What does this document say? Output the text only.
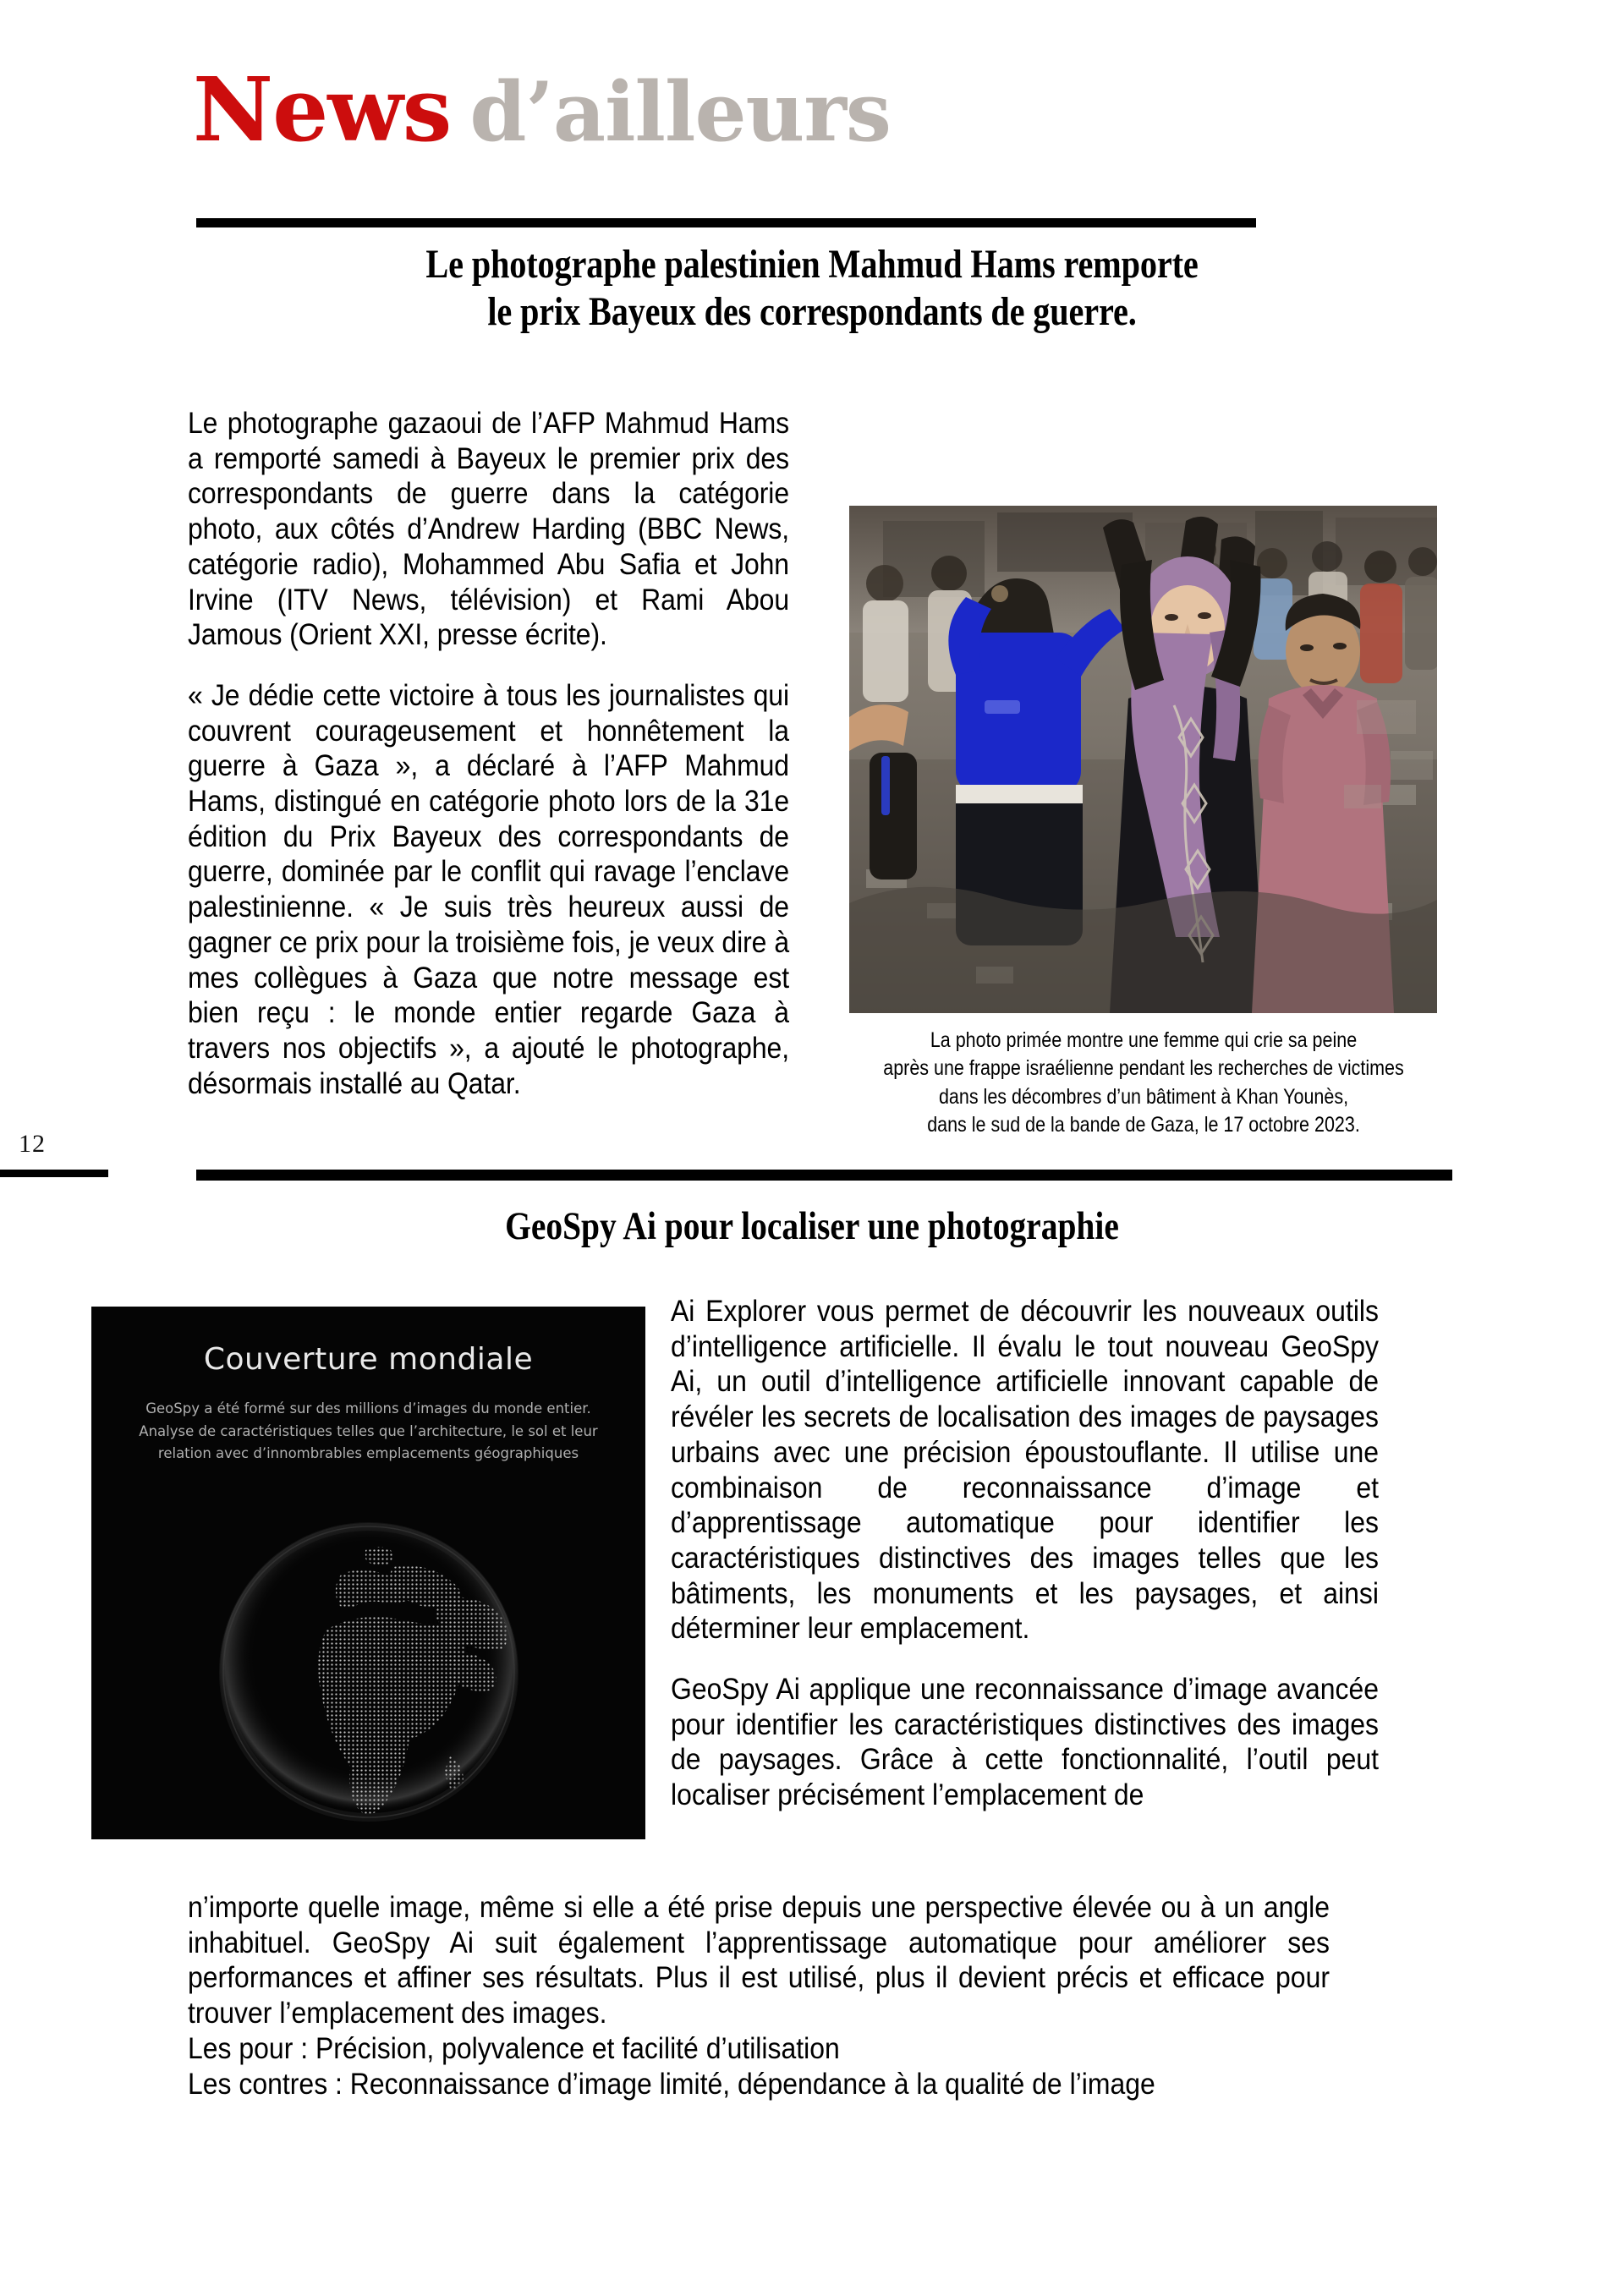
News d’ailleurs
Le photographe palestinien Mahmud Hams remporte
le prix Bayeux des correspondants de guerre.

Le photographe gazaoui de l’AFP Mahmud Hams a remporté samedi à Bayeux le premier prix des correspondants de guerre dans la catégorie photo, aux côtés d’Andrew Harding (BBC News, catégorie radio), Mohammed Abu Safia et John Irvine (ITV News, télévision) et Rami Abou Jamous (Orient XXI, presse écrite).

« Je dédie cette victoire à tous les journalistes qui couvrent courageusement et honnêtement la guerre à Gaza », a déclaré à l’AFP Mahmud Hams, distingué en catégorie photo lors de la 31e édition du Prix Bayeux des correspondants de guerre, dominée par le conflit qui ravage l’enclave palestinienne. « Je suis très heureux aussi de gagner ce prix pour la troisième fois, je veux dire à mes collègues à Gaza que notre message est bien reçu : le monde entier regarde Gaza à travers nos objectifs », a ajouté le photographe, désormais installé au Qatar.

La photo primée montre une femme qui crie sa peine
après une frappe israélienne pendant les recherches de victimes
dans les décombres d’un bâtiment à Khan Younès,
dans le sud de la bande de Gaza, le 17 octobre 2023.
12
GeoSpy Ai pour localiser une photographie
Couverture mondiale
GeoSpy a été formé sur des millions d’images du monde entier.
Analyse de caractéristiques telles que l’architecture, le sol et leur
relation avec d’innombrables emplacements géographiques

Ai Explorer vous permet de découvrir les nouveaux outils d’intelligence artificielle. Il évalu le tout nouveau GeoSpy Ai, un outil d’intelligence artificielle innovant capable de révéler les secrets de localisation des images de paysages urbains avec une précision époustouflante. Il utilise une combinaison de reconnaissance d’image et d’apprentissage automatique pour identifier les caractéristiques distinctives des images telles que les bâtiments, les monuments et les paysages, et ainsi déterminer leur emplacement.

GeoSpy Ai applique une reconnaissance d’image avancée pour identifier les caractéristiques distinctives des images de paysages. Grâce à cette fonctionnalité, l’outil peut localiser précisément l’emplacement de

n’importe quelle image, même si elle a été prise depuis une perspective élevée ou à un angle inhabituel. GeoSpy Ai suit également l’apprentissage automatique pour améliorer ses performances et affiner ses résultats. Plus il est utilisé, plus il devient précis et efficace pour trouver l’emplacement des images.

Les pour : Précision, polyvalence et facilité d’utilisation
Les contres : Reconnaissance d’image limité, dépendance à la qualité de l’image
